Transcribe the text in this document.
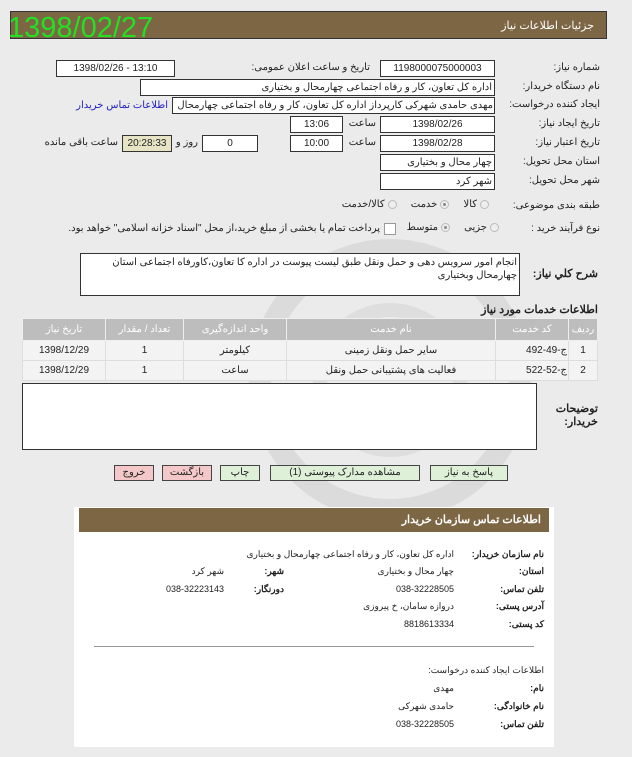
جزئیات اطلاعات نیاز
1398/02/27
شماره نیاز:
1198000075000003
تاریخ و ساعت اعلان عمومی:
1398/02/26 - 13:10
نام دستگاه خریدار:
اداره کل تعاون، کار و رفاه اجتماعی چهارمحال و بختیاری
ایجاد کننده درخواست:
مهدی حامدی شهرکی کارپرداز اداره کل تعاون، کار و رفاه اجتماعی چهارمحال
اطلاعات تماس خریدار
تاریخ ایجاد نیاز:
1398/02/26
ساعت
13:06
تاریخ اعتبار نیاز:
1398/02/28
ساعت
10:00
0
روز و
20:28:33
ساعت باقی مانده
استان محل تحویل:
چهار محال و بختیاری
شهر محل تحویل:
شهر کرد
طبقه بندی موضوعی:
کالا    خدمت    کالا/خدمت
نوع فرآیند خرید :
جزیی    متوسط
پرداخت تمام یا بخشی از مبلغ خرید،از محل "اسناد خزانه اسلامی" خواهد بود.
شرح کلي نیاز:
انجام امور سرویس دهی و حمل ونقل طبق لیست پیوست در اداره کا تعاون،کاورفاه اجتماعی استان چهارمحال وبختیاری
اطلاعات خدمات مورد نیاز
ردیف	کد خدمت	نام خدمت	واحد اندازه‌گیری	تعداد / مقدار	تاریخ نیاز
1	ج-49-492	سایر حمل ونقل زمینی	کیلومتر	1	1398/12/29
2	ج-52-522	فعالیت های پشتیبانی حمل ونقل	ساعت	1	1398/12/29
توضیحات خریدار:
پاسخ به نیاز
مشاهده مدارک پیوستی (1)
چاپ
بازگشت
خروج
اطلاعات تماس سازمان خریدار
نام سازمان خریدار:
اداره کل تعاون، کار و رفاه اجتماعی چهارمحال و بختیاری
استان:
چهار محال و بختیاری
شهر:
شهر کرد
تلفن تماس:
038-32228505
دورنگار:
038-32223143
آدرس پستی:
دروازه سامان، خ پیروزی
کد پستی:
8818613334
اطلاعات ایجاد کننده درخواست:
نام:
مهدی
نام خانوادگی:
حامدی شهرکی
تلفن تماس:
038-32228505
